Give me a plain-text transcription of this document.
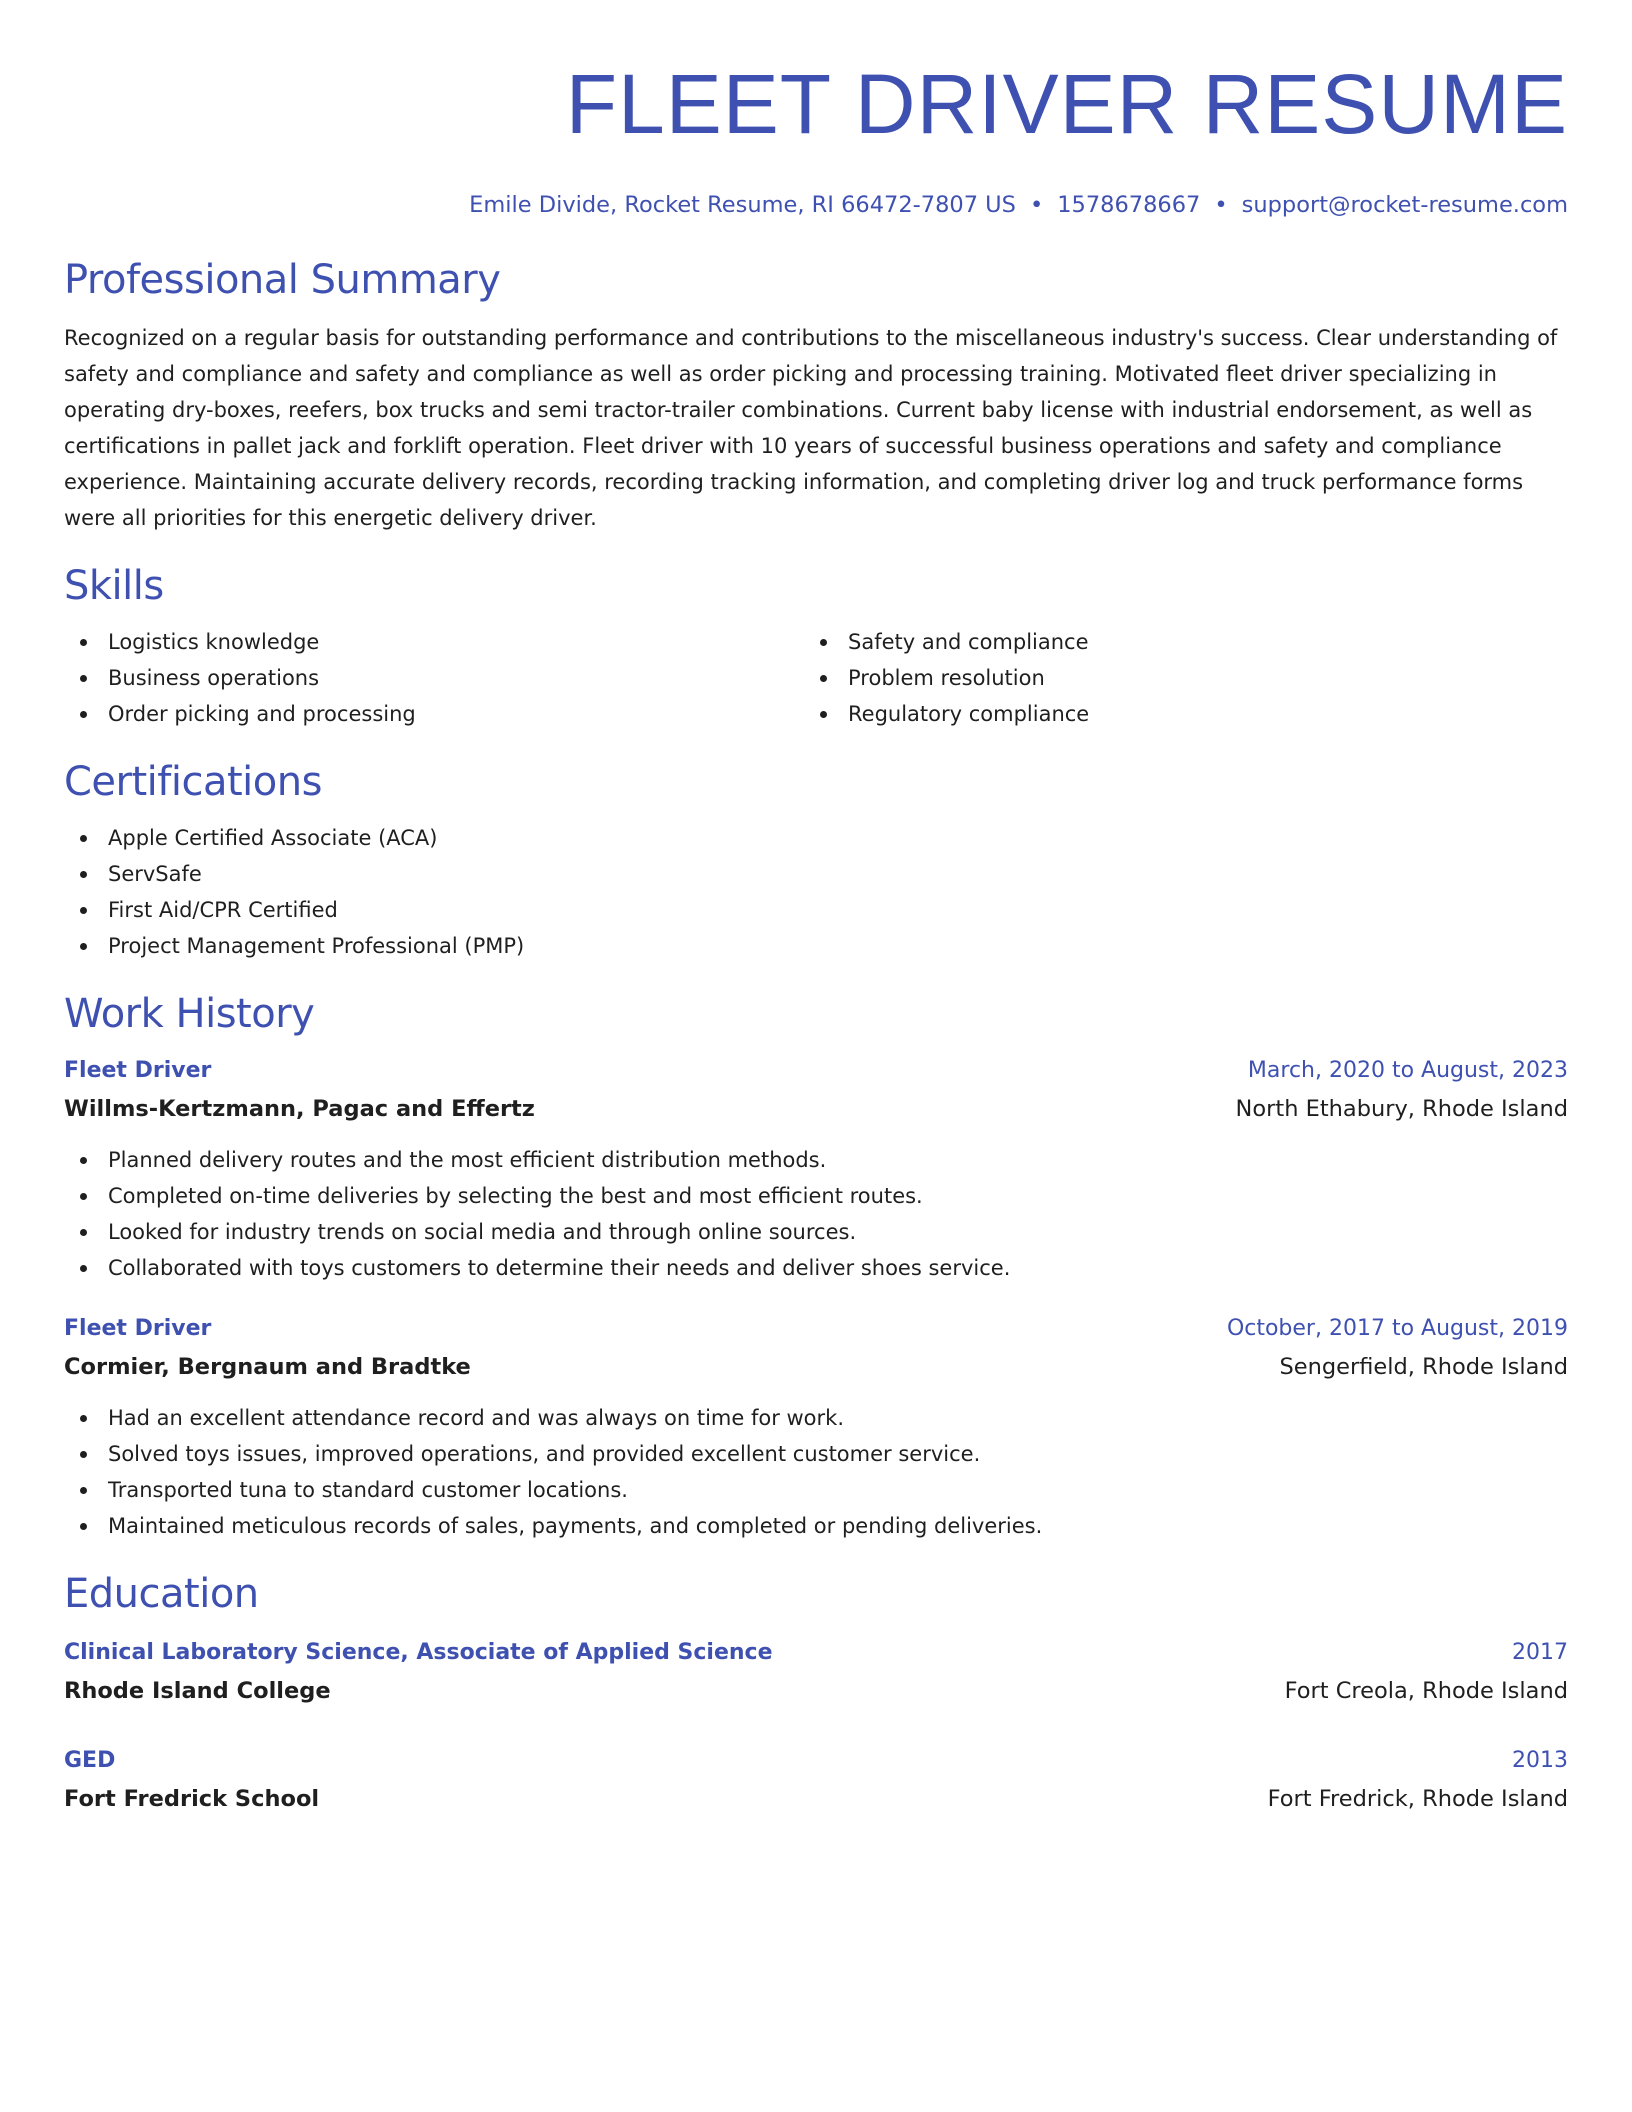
FLEET DRIVER RESUME
Emile Divide, Rocket Resume, RI 66472-7807 US • 1578678667 • support@rocket-resume.com
Professional Summary

Recognized on a regular basis for outstanding performance and contributions to the miscellaneous industry's success. Clear understanding of safety and compliance and safety and compliance as well as order picking and processing training. Motivated fleet driver specializing in operating dry-boxes, reefers, box trucks and semi tractor-trailer combinations. Current baby license with industrial endorsement, as well as certifications in pallet jack and forklift operation. Fleet driver with 10 years of successful business operations and safety and compliance experience. Maintaining accurate delivery records, recording tracking information, and completing driver log and truck performance forms were all priorities for this energetic delivery driver.

Skills
Logistics knowledge
Business operations
Order picking and processing
Safety and compliance
Problem resolution
Regulatory compliance
Certifications
Apple Certified Associate (ACA)
ServSafe
First Aid/CPR Certified
Project Management Professional (PMP)
Work History
Fleet Driver	March, 2020 to August, 2023
Willms-Kertzmann, Pagac and Effertz	North Ethabury, Rhode Island
Planned delivery routes and the most efficient distribution methods.
Completed on-time deliveries by selecting the best and most efficient routes.
Looked for industry trends on social media and through online sources.
Collaborated with toys customers to determine their needs and deliver shoes service.
Fleet Driver	October, 2017 to August, 2019
Cormier, Bergnaum and Bradtke	Sengerfield, Rhode Island
Had an excellent attendance record and was always on time for work.
Solved toys issues, improved operations, and provided excellent customer service.
Transported tuna to standard customer locations.
Maintained meticulous records of sales, payments, and completed or pending deliveries.
Education
Clinical Laboratory Science, Associate of Applied Science	2017
Rhode Island College	Fort Creola, Rhode Island
GED	2013
Fort Fredrick School	Fort Fredrick, Rhode Island
